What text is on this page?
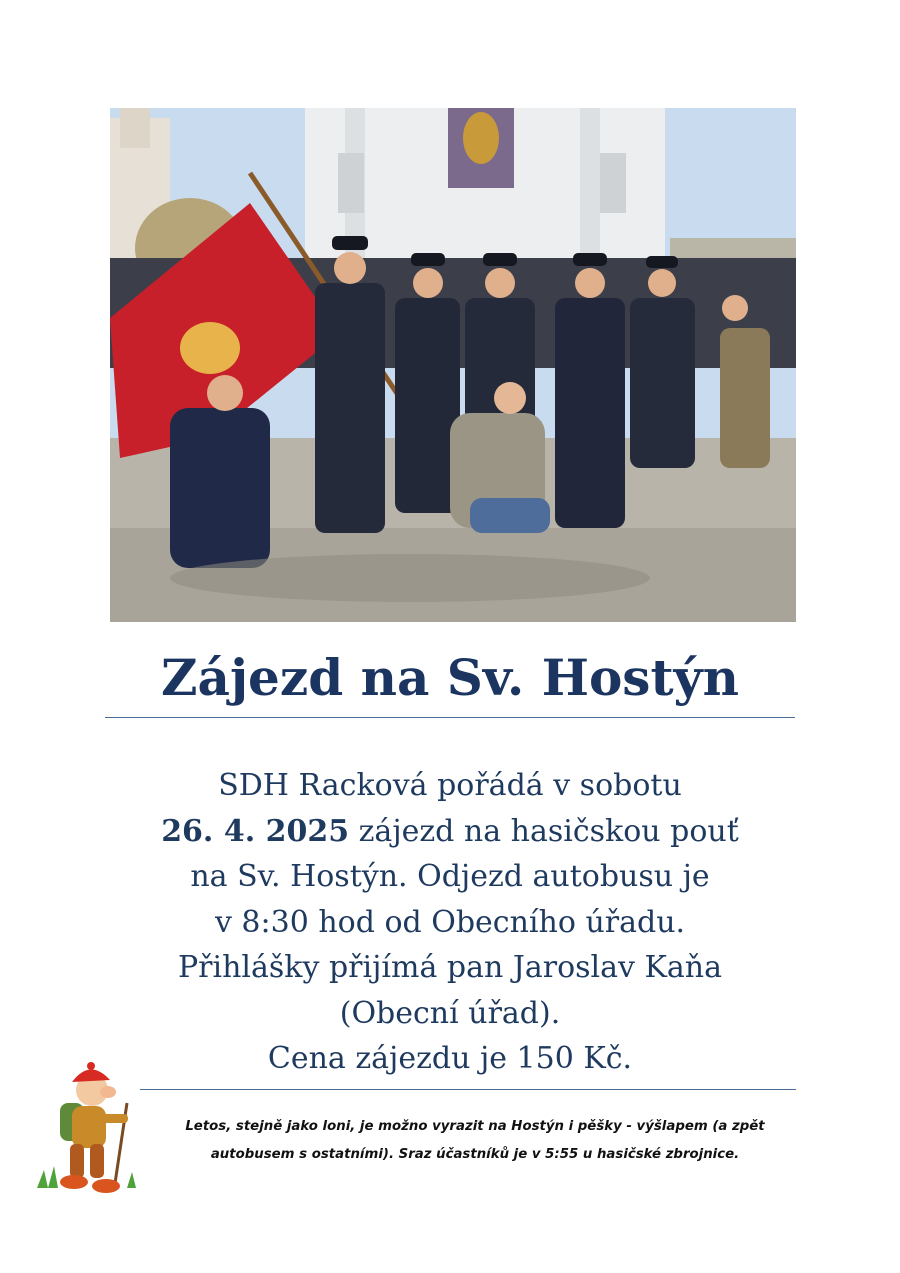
Zájezd na Sv. Hostýn
SDH Racková pořádá v sobotu
26. 4. 2025 zájezd na hasičskou pouť
na Sv. Hostýn. Odjezd autobusu je
v 8:30 hod od Obecního úřadu.
Přihlášky přijímá pan Jaroslav Kaňa
(Obecní úřad).
Cena zájezdu je 150 Kč.
Letos, stejně jako loni, je možno vyrazit na Hostýn i pěšky - výšlapem (a zpět
autobusem s ostatními). Sraz účastníků je v 5:55 u hasičské zbrojnice.
